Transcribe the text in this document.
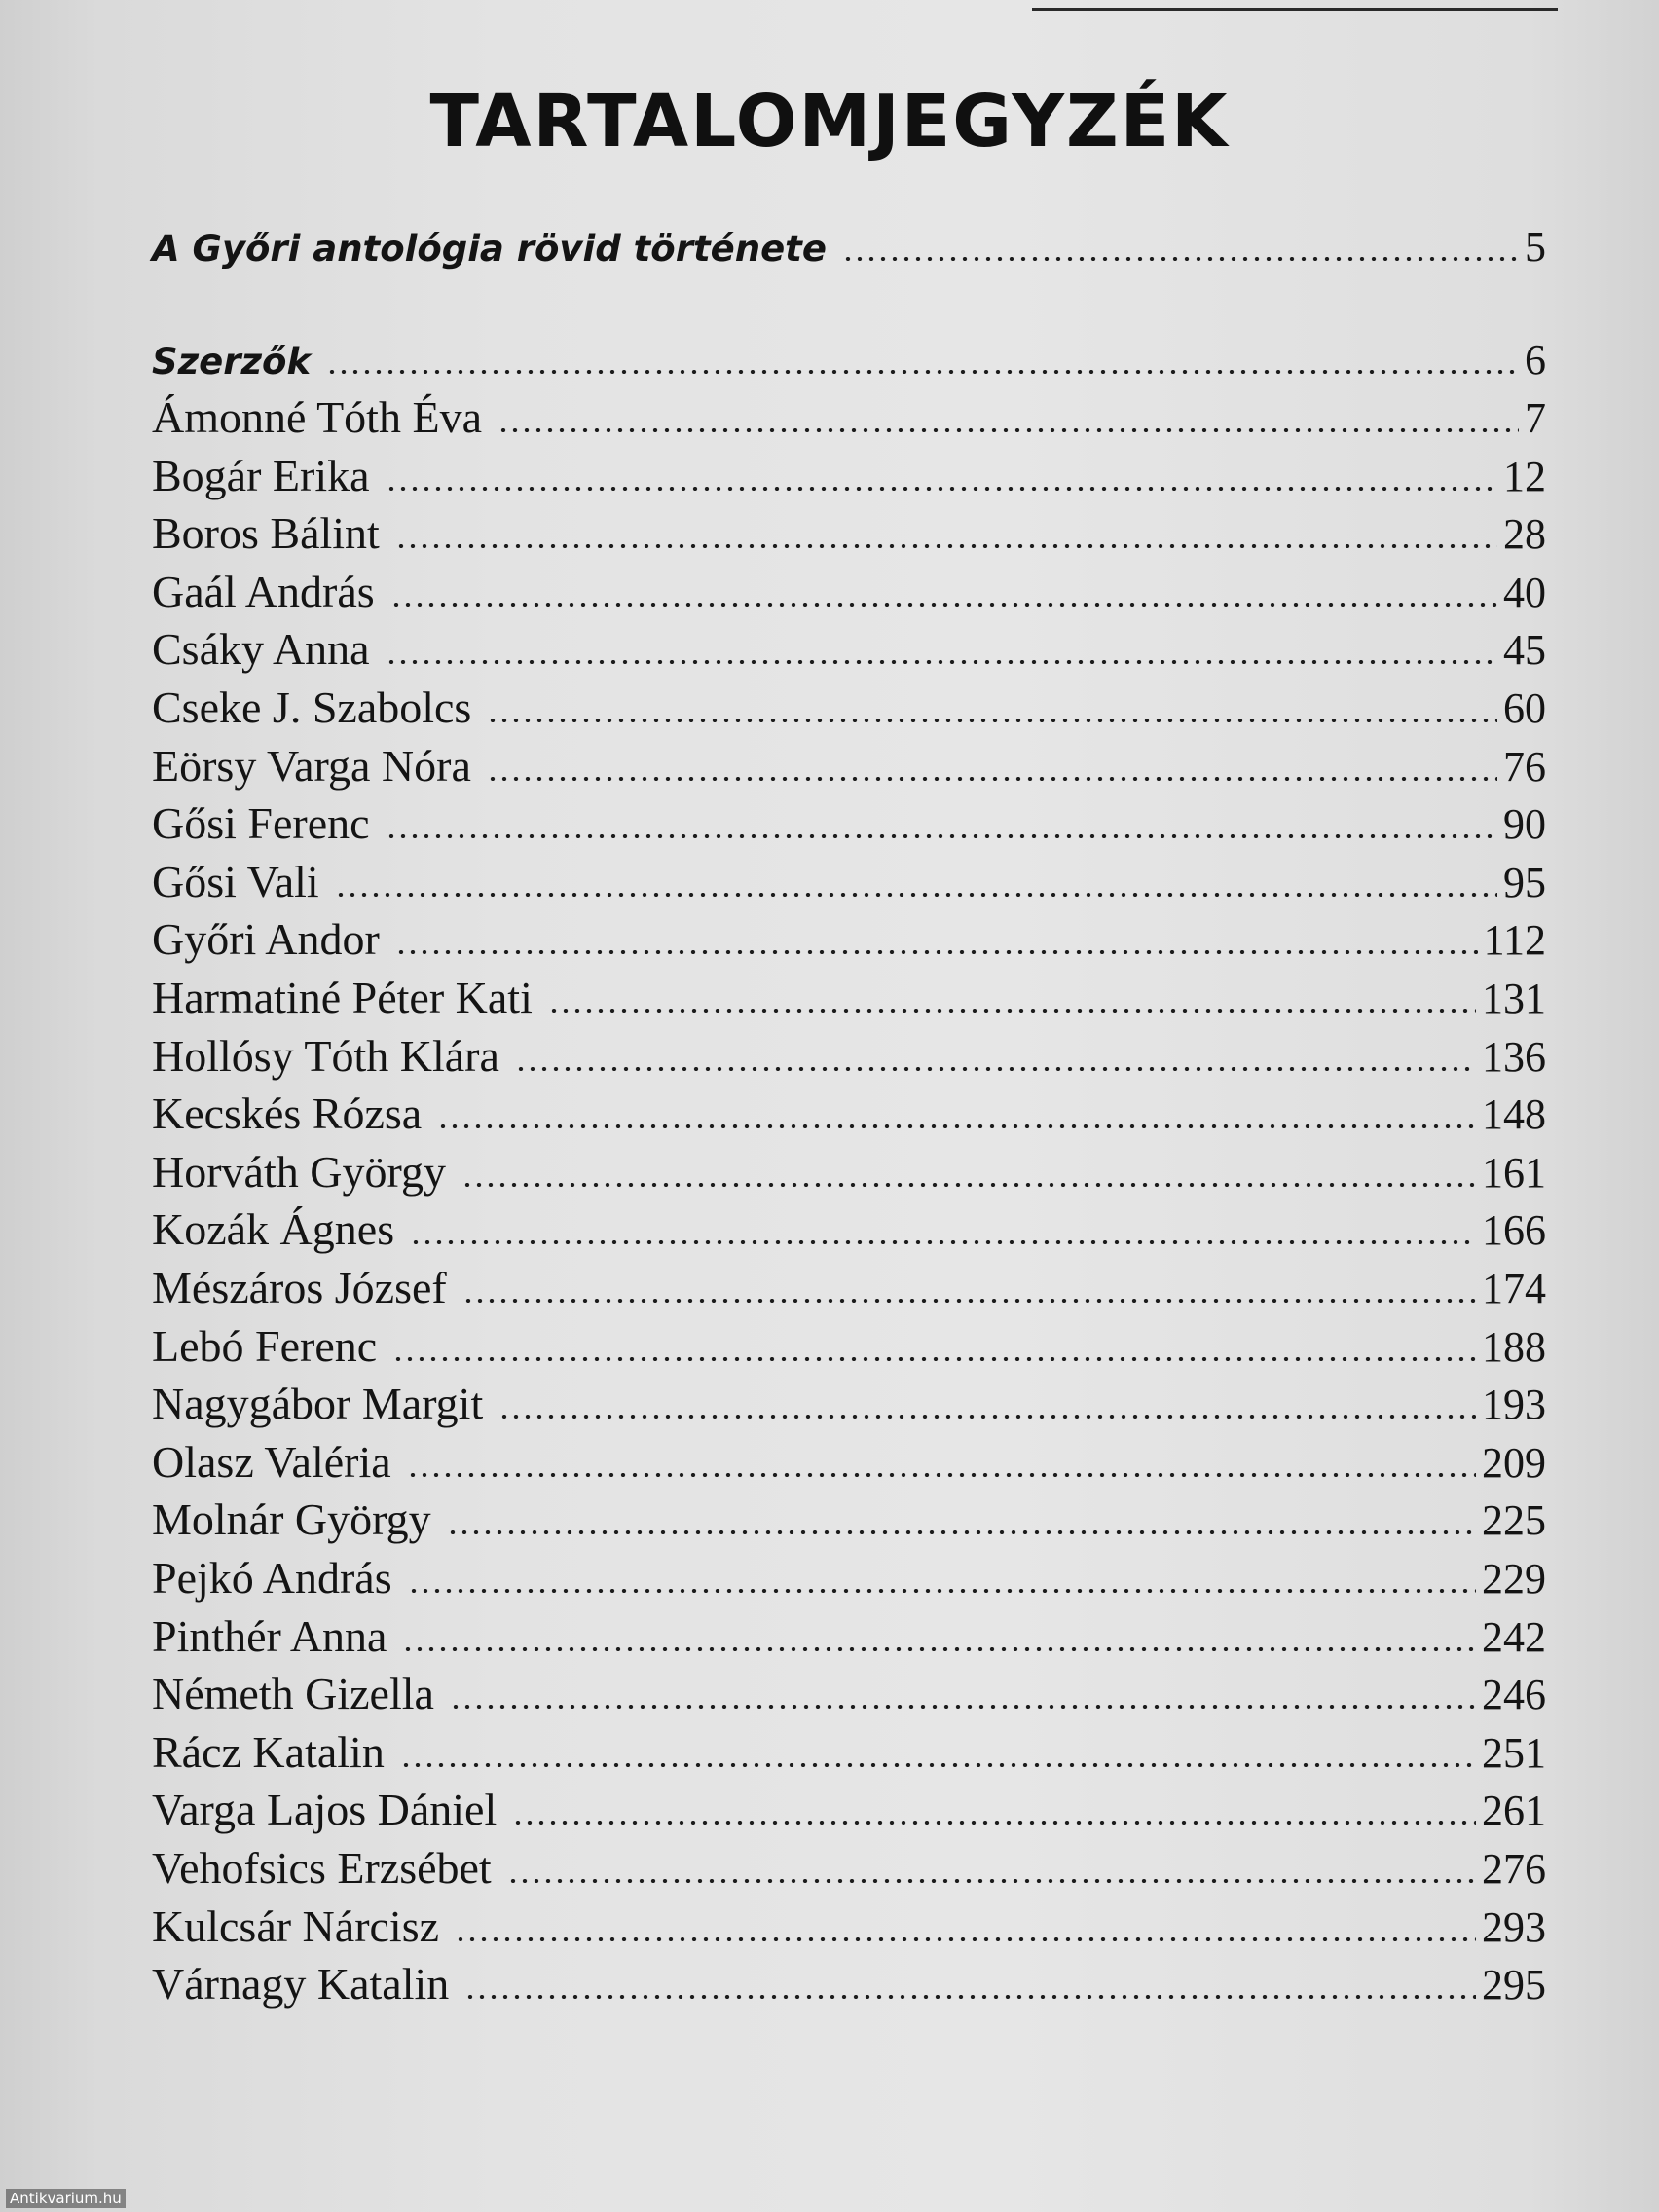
TARTALOMJEGYZÉK
A Győri antológia rövid története	5
Szerzők	6
Ámonné Tóth Éva	7
Bogár Erika	12
Boros Bálint	28
Gaál András	40
Csáky Anna	45
Cseke J. Szabolcs	60
Eörsy Varga Nóra	76
Gősi Ferenc	90
Gősi Vali	95
Győri Andor	112
Harmatiné Péter Kati	131
Hollósy Tóth Klára	136
Kecskés Rózsa	148
Horváth György	161
Kozák Ágnes	166
Mészáros József	174
Lebó Ferenc	188
Nagygábor Margit	193
Olasz Valéria	209
Molnár György	225
Pejkó András	229
Pinthér Anna	242
Németh Gizella	246
Rácz Katalin	251
Varga Lajos Dániel	261
Vehofsics Erzsébet	276
Kulcsár Nárcisz	293
Várnagy Katalin	295
Antikvarium.hu
